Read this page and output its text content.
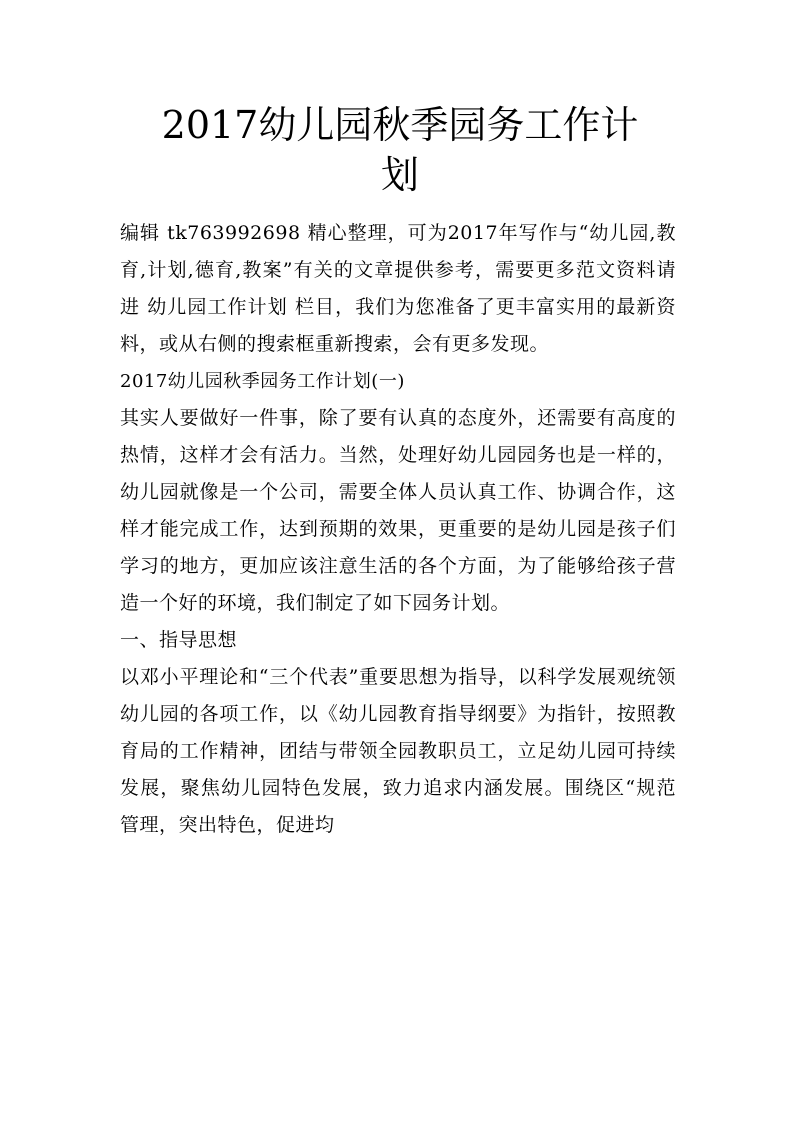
2017幼儿园秋季园务工作计
划

编辑 tk763992698 精心整理，可为2017年写作与“幼儿园,教育,计划,德育,教案”有关的文章提供参考，需要更多范文资料请进 幼儿园工作计划 栏目，我们为您准备了更丰富实用的最新资料，或从右侧的搜索框重新搜索，会有更多发现。

2017幼儿园秋季园务工作计划(一)

其实人要做好一件事，除了要有认真的态度外，还需要有高度的热情，这样才会有活力。当然，处理好幼儿园园务也是一样的，幼儿园就像是一个公司，需要全体人员认真工作、协调合作，这样才能完成工作，达到预期的效果，更重要的是幼儿园是孩子们学习的地方，更加应该注意生活的各个方面，为了能够给孩子营造一个好的环境，我们制定了如下园务计划。

一、指导思想

以邓小平理论和“三个代表”重要思想为指导，以科学发展观统领幼儿园的各项工作，以《幼儿园教育指导纲要》为指针，按照教育局的工作精神，团结与带领全园教职员工，立足幼儿园可持续发展，聚焦幼儿园特色发展，致力追求内涵发展。围绕区“规范管理，突出特色，促进均
